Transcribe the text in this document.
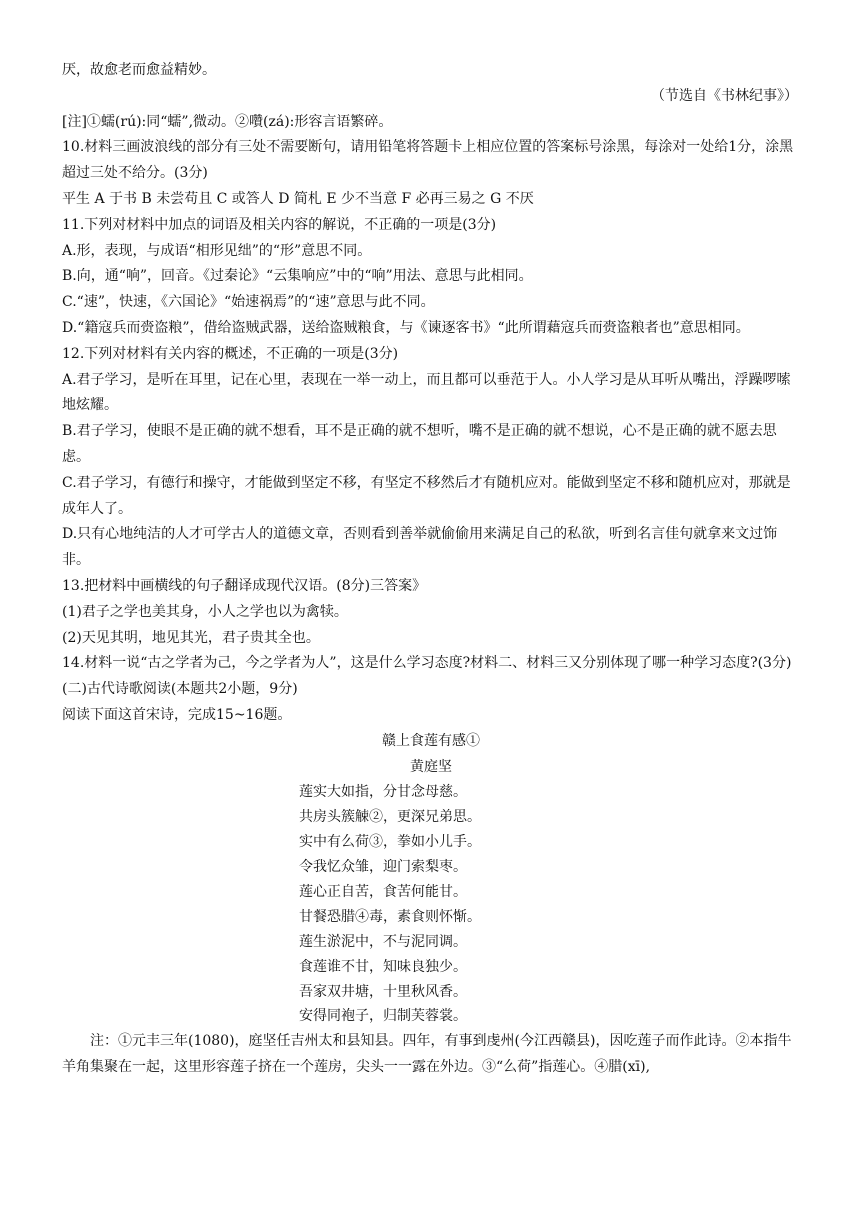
厌，故愈老而愈益精妙。
（节选自《书林纪事》）
[注]①蠕(rú):同“蠕”,微动。②囋(zá):形容言语繁碎。
10.材料三画波浪线的部分有三处不需要断句，请用铅笔将答题卡上相应位置的答案标号涂黑，每涂对一处给1分，涂黑超过三处不给分。(3分)
平生 A 于书 B 未尝苟且 C 或答人 D 简札 E 少不当意 F 必再三易之 G 不厌
11.下列对材料中加点的词语及相关内容的解说，不正确的一项是(3分)
A.形，表现，与成语“相形见绌”的“形”意思不同。
B.向，通“响”，回音。《过秦论》“云集响应”中的“响”用法、意思与此相同。
C.“速”，快速，《六国论》“始速祸焉”的“速”意思与此不同。
D.“籍寇兵而赍盗粮”，借给盗贼武器，送给盗贼粮食，与《谏逐客书》“此所谓藉寇兵而赍盗粮者也”意思相同。
12.下列对材料有关内容的概述，不正确的一项是(3分)
A.君子学习，是听在耳里，记在心里，表现在一举一动上，而且都可以垂范于人。小人学习是从耳听从嘴出，浮躁啰嗦地炫耀。
B.君子学习，使眼不是正确的就不想看，耳不是正确的就不想听，嘴不是正确的就不想说，心不是正确的就不愿去思虑。
C.君子学习，有德行和操守，才能做到坚定不移，有坚定不移然后才有随机应对。能做到坚定不移和随机应对，那就是成年人了。
D.只有心地纯洁的人才可学古人的道德文章，否则看到善举就偷偷用来满足自己的私欲，听到名言佳句就拿来文过饰非。
13.把材料中画横线的句子翻译成现代汉语。(8分)三答案》
(1)君子之学也美其身，小人之学也以为禽犊。
(2)天见其明，地见其光，君子贵其全也。
14.材料一说“古之学者为己，今之学者为人”，这是什么学习态度?材料二、材料三又分别体现了哪一种学习态度?(3分)
(二)古代诗歌阅读(本题共2小题，9分)
阅读下面这首宋诗，完成15~16题。
赣上食莲有感①
黄庭坚
莲实大如指，分甘念母慈。
共房头簇觫②，更深兄弟思。
实中有么荷③，拳如小儿手。
令我忆众雏，迎门索梨枣。
莲心正自苦，食苦何能甘。
甘餐恐腊④毒，素食则怀惭。
莲生淤泥中，不与泥同调。
食莲谁不甘，知味良独少。
吾家双井塘，十里秋风香。
安得同袍子，归制芙蓉裳。
注：①元丰三年(1080)，庭坚任吉州太和县知县。四年，有事到虔州(今江西赣县)，因吃莲子而作此诗。②本指牛羊角集聚在一起，这里形容莲子挤在一个莲房，尖头一一露在外边。③“么荷”指莲心。④腊(xī),
